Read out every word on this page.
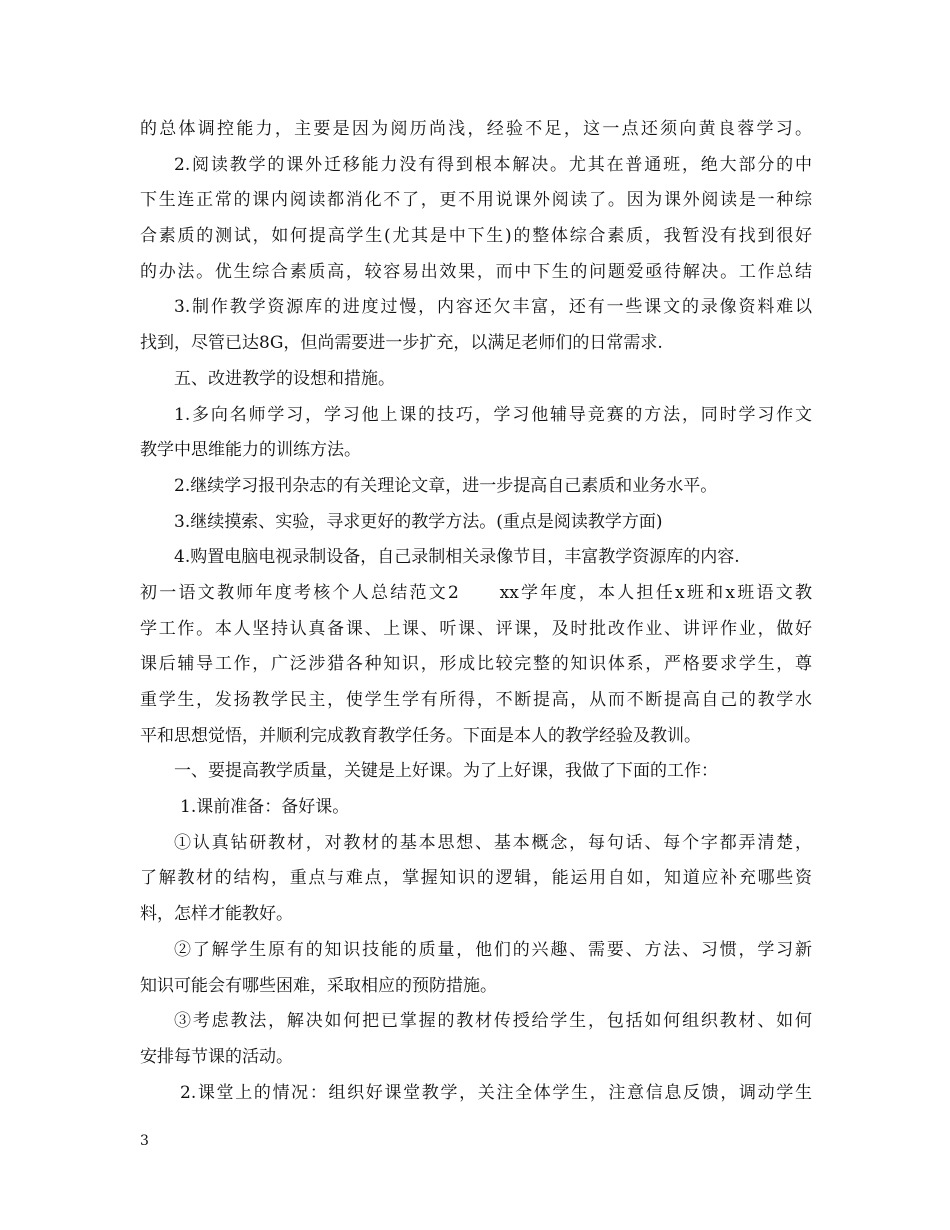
的总体调控能力，主要是因为阅历尚浅，经验不足，这一点还须向黄良蓉学习。
2.阅读教学的课外迁移能力没有得到根本解决。尤其在普通班，绝大部分的中
下生连正常的课内阅读都消化不了，更不用说课外阅读了。因为课外阅读是一种综
合素质的测试，如何提高学生(尤其是中下生)的整体综合素质，我暂没有找到很好
的办法。优生综合素质高，较容易出效果，而中下生的问题爱亟待解决。工作总结
3.制作教学资源库的进度过慢，内容还欠丰富，还有一些课文的录像资料难以
找到，尽管已达8G，但尚需要进一步扩充，以满足老师们的日常需求.
五、改进教学的设想和措施。
1.多向名师学习，学习他上课的技巧，学习他辅导竞赛的方法，同时学习作文
教学中思维能力的训练方法。
2.继续学习报刊杂志的有关理论文章，进一步提高自己素质和业务水平。
3.继续摸索、实验，寻求更好的教学方法。(重点是阅读教学方面)
4.购置电脑电视录制设备，自己录制相关录像节目，丰富教学资源库的内容.
初一语文教师年度考核个人总结范文2　　xx学年度，本人担任x班和x班语文教
学工作。本人坚持认真备课、上课、听课、评课，及时批改作业、讲评作业，做好
课后辅导工作，广泛涉猎各种知识，形成比较完整的知识体系，严格要求学生，尊
重学生，发扬教学民主，使学生学有所得，不断提高，从而不断提高自己的教学水
平和思想觉悟，并顺利完成教育教学任务。下面是本人的教学经验及教训。
一、要提高教学质量，关键是上好课。为了上好课，我做了下面的工作：
1.课前准备：备好课。
①认真钻研教材，对教材的基本思想、基本概念，每句话、每个字都弄清楚，
了解教材的结构，重点与难点，掌握知识的逻辑，能运用自如，知道应补充哪些资
料，怎样才能教好。
②了解学生原有的知识技能的质量，他们的兴趣、需要、方法、习惯，学习新
知识可能会有哪些困难，采取相应的预防措施。
③考虑教法，解决如何把已掌握的教材传授给学生，包括如何组织教材、如何
安排每节课的活动。
2.课堂上的情况：组织好课堂教学，关注全体学生，注意信息反馈，调动学生
3
